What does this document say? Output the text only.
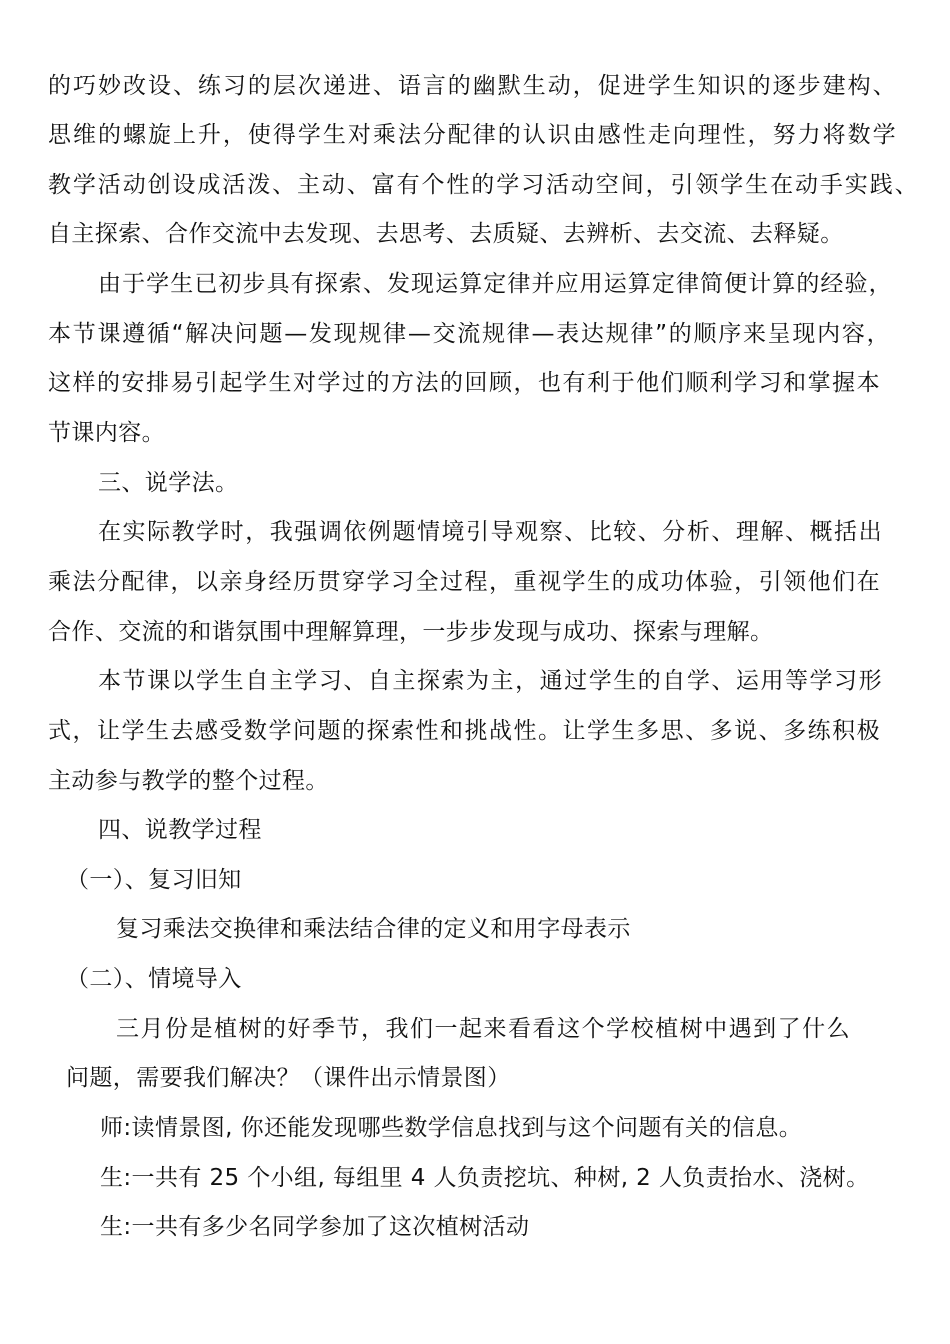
的巧妙改设、练习的层次递进、语言的幽默生动，促进学生知识的逐步建构、
思维的螺旋上升，使得学生对乘法分配律的认识由感性走向理性，努力将数学
教学活动创设成活泼、主动、富有个性的学习活动空间，引领学生在动手实践、
自主探索、合作交流中去发现、去思考、去质疑、去辨析、去交流、去释疑。
由于学生已初步具有探索、发现运算定律并应用运算定律简便计算的经验，
本节课遵循“解决问题—发现规律—交流规律—表达规律”的顺序来呈现内容，
这样的安排易引起学生对学过的方法的回顾，也有利于他们顺利学习和掌握本
节课内容。
三、说学法。
在实际教学时，我强调依例题情境引导观察、比较、分析、理解、概括出
乘法分配律，以亲身经历贯穿学习全过程，重视学生的成功体验，引领他们在
合作、交流的和谐氛围中理解算理，一步步发现与成功、探索与理解。
本节课以学生自主学习、自主探索为主，通过学生的自学、运用等学习形
式，让学生去感受数学问题的探索性和挑战性。让学生多思、多说、多练积极
主动参与教学的整个过程。
四、说教学过程
（一）、复习旧知
复习乘法交换律和乘法结合律的定义和用字母表示
（二）、情境导入
三月份是植树的好季节，我们一起来看看这个学校植树中遇到了什么
问题，需要我们解决？（课件出示情景图）
师:读情景图, 你还能发现哪些数学信息找到与这个问题有关的信息。
生:一共有 25 个小组, 每组里 4 人负责挖坑、种树, 2 人负责抬水、浇树。
生:一共有多少名同学参加了这次植树活动
